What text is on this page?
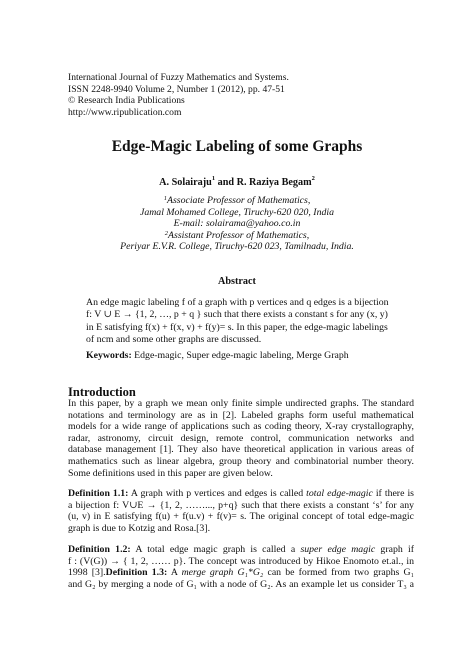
International Journal of Fuzzy Mathematics and Systems.
ISSN 2248-9940 Volume 2, Number 1 (2012), pp. 47-51
© Research India Publications
http://www.ripublication.com
Edge-Magic Labeling of some Graphs
A. Solairaju$^1$ and R. Raziya Begam$^2$
$^1$Associate Professor of Mathematics,
Jamal Mohamed College, Tiruchy-620 020, India
E-mail: solairama@yahoo.co.in
$^2$Assistant Professor of Mathematics,
Periyar E.V.R. College, Tiruchy-620 023, Tamilnadu, India.
Abstract
An edge magic labeling f of a graph with p vertices and q edges is a bijection
f: V ∪ E → {1, 2, …, p + q } such that there exists a constant s for any (x, y)
in E satisfying f(x) + f(x, v) + f(y)= s. In this paper, the edge-magic labelings
of ncm and some other graphs are discussed.
Keywords: Edge-magic, Super edge-magic labeling, Merge Graph
Introduction
In this paper, by a graph we mean only finite simple undirected graphs. The standard
notations and terminology are as in [2]. Labeled graphs form useful mathematical
models for a wide range of applications such as coding theory, X-ray crystallography,
radar, astronomy, circuit design, remote control, communication networks and
database management [1]. They also have theoretical application in various areas of
mathematics such as linear algebra, group theory and combinatorial number theory.
Some definitions used in this paper are given below.
Definition 1.1: A graph with p vertices and edges is called total edge-magic if there is
a bijection f: V∪E → {1, 2, ……..., p+q} such that there exists a constant ‘s’ for any
(u, v) in E satisfying f(u) + f(u.v) + f(v)= s. The original concept of total edge-magic
graph is due to Kotzig and Rosa.[3].
Definition 1.2: A total edge magic graph is called a super edge magic graph if
f : (V(G)) → { 1, 2, …… p}. The concept was introduced by Hikoe Enomoto et.al., in
1998 [3].Definition 1.3: A merge graph G₁*G₂ can be formed from two graphs G₁
and G₂ by merging a node of G₁ with a node of G₂. As an example let us consider T₃ a
